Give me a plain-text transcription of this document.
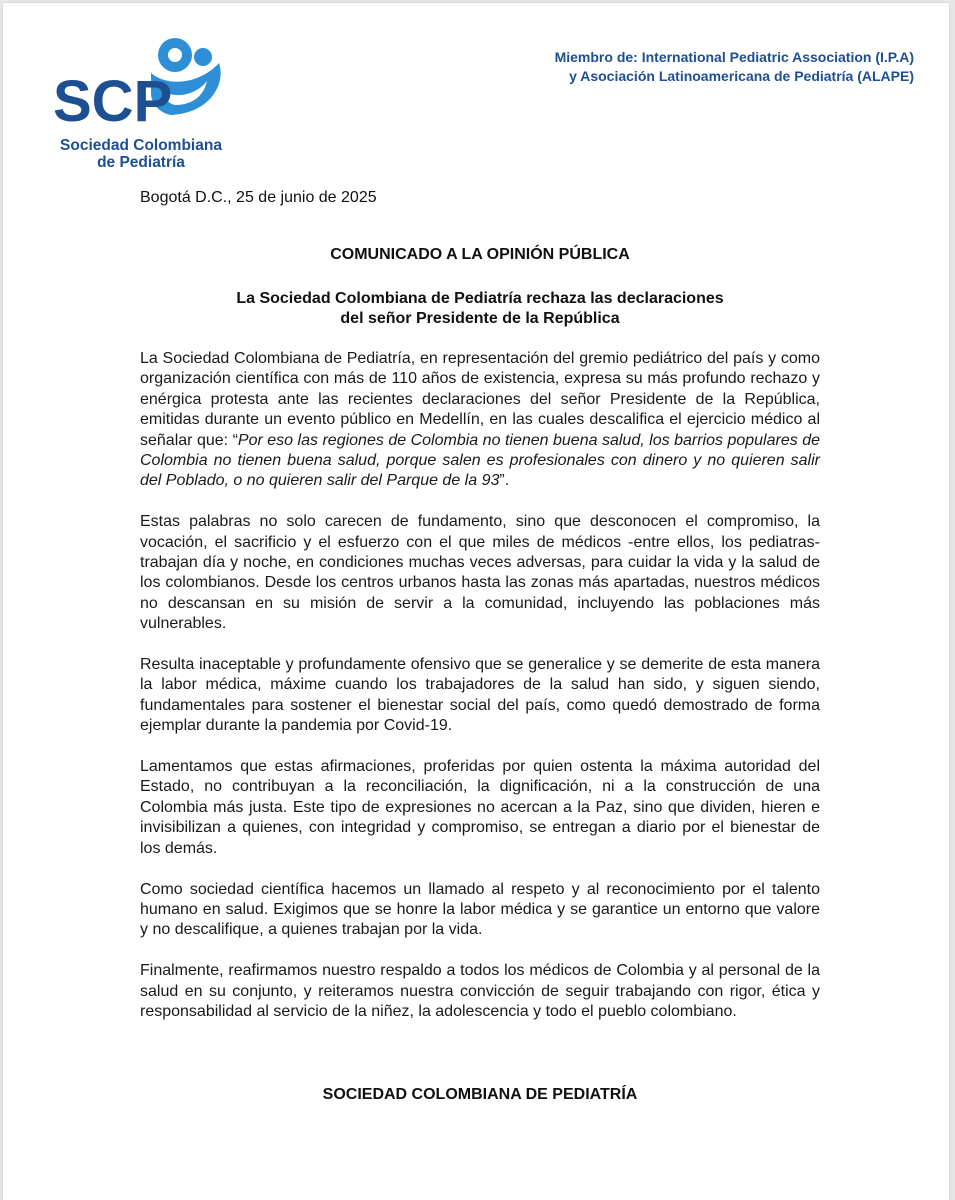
SCP
Sociedad Colombiana
de Pediatría
Miembro de: International Pediatric Association (I.P.A)
y Asociación Latinoamericana de Pediatría (ALAPE)
Bogotá D.C., 25 de junio de 2025
COMUNICADO A LA OPINIÓN PÚBLICA
La Sociedad Colombiana de Pediatría rechaza las declaraciones
del señor Presidente de la República

La Sociedad Colombiana de Pediatría, en representación del gremio pediátrico del país y como organización científica con más de 110 años de existencia, expresa su más profundo rechazo y enérgica protesta ante las recientes declaraciones del señor Presidente de la República, emitidas durante un evento público en Medellín, en las cuales descalifica el ejercicio médico al señalar que: “Por eso las regiones de Colombia no tienen buena salud, los barrios populares de Colombia no tienen buena salud, porque salen es profesionales con dinero y no quieren salir del Poblado, o no quieren salir del Parque de la 93”.

Estas palabras no solo carecen de fundamento, sino que desconocen el compromiso, la vocación, el sacrificio y el esfuerzo con el que miles de médicos -entre ellos, los pediatras- trabajan día y noche, en condiciones muchas veces adversas, para cuidar la vida y la salud de los colombianos. Desde los centros urbanos hasta las zonas más apartadas, nuestros médicos no descansan en su misión de servir a la comunidad, incluyendo las poblaciones más vulnerables.

Resulta inaceptable y profundamente ofensivo que se generalice y se demerite de esta manera la labor médica, máxime cuando los trabajadores de la salud han sido, y siguen siendo, fundamentales para sostener el bienestar social del país, como quedó demostrado de forma ejemplar durante la pandemia por Covid-19.

Lamentamos que estas afirmaciones, proferidas por quien ostenta la máxima autoridad del Estado, no contribuyan a la reconciliación, la dignificación, ni a la construcción de una Colombia más justa. Este tipo de expresiones no acercan a la Paz, sino que dividen, hieren e invisibilizan a quienes, con integridad y compromiso, se entregan a diario por el bienestar de los demás.

Como sociedad científica hacemos un llamado al respeto y al reconocimiento por el talento humano en salud. Exigimos que se honre la labor médica y se garantice un entorno que valore y no descalifique, a quienes trabajan por la vida.

Finalmente, reafirmamos nuestro respaldo a todos los médicos de Colombia y al personal de la salud en su conjunto, y reiteramos nuestra convicción de seguir trabajando con rigor, ética y responsabilidad al servicio de la niñez, la adolescencia y todo el pueblo colombiano.

SOCIEDAD COLOMBIANA DE PEDIATRÍA
